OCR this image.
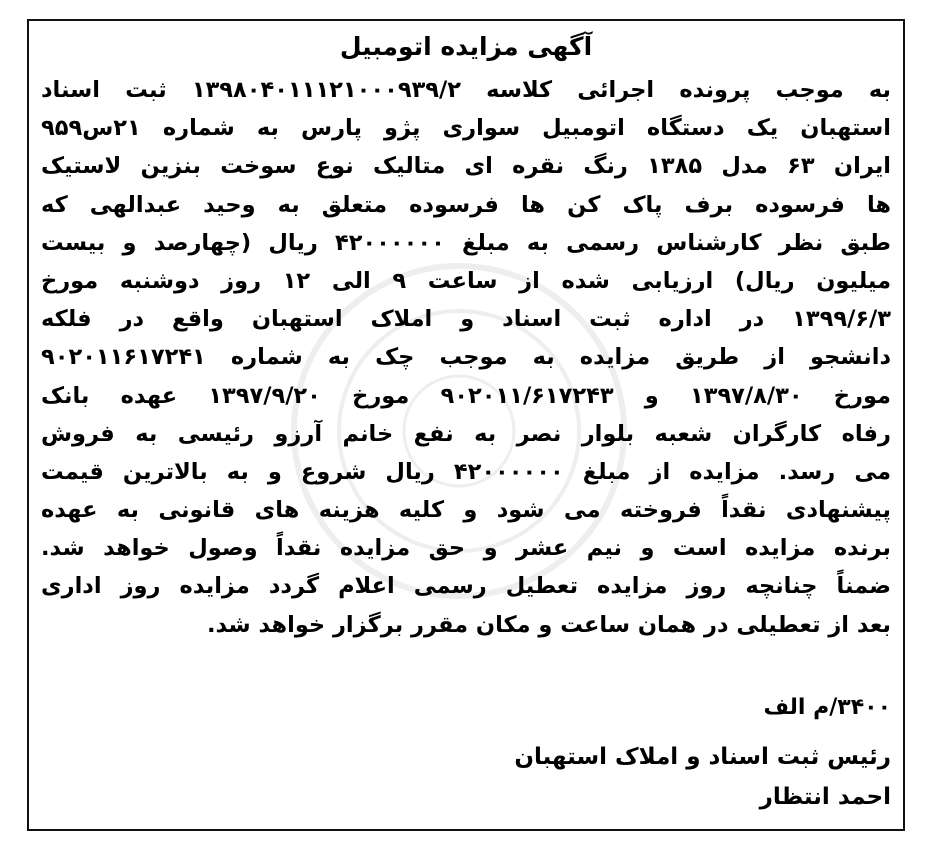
آگهی مزایده اتومبیل
به موجب پرونده اجرائی کلاسه ۱۳۹۸۰۴۰۱۱۱۲۱۰۰۰۹۳۹/۲ ثبت اسناد
استهبان یک دستگاه اتومبیل سواری پژو پارس به شماره ۲۱س۹۵۹
ایران ۶۳ مدل ۱۳۸۵ رنگ نقره ای متالیک نوع سوخت بنزین لاستیک
ها فرسوده برف پاک کن ها فرسوده متعلق به وحید عبدالهی که
طبق نظر کارشناس رسمی به مبلغ ۴۲۰۰۰۰۰۰ ریال (چهارصد و بیست
میلیون ریال) ارزیابی شده از ساعت ۹ الی ۱۲ روز دوشنبه مورخ
۱۳۹۹/۶/۳ در اداره ثبت اسناد و املاک استهبان واقع در فلکه
دانشجو از طریق مزایده به موجب چک به شماره ۹۰۲۰۱۱۶۱۷۲۴۱
مورخ ۱۳۹۷/۸/۳۰ و ۹۰۲۰۱۱/۶۱۷۲۴۳ مورخ ۱۳۹۷/۹/۲۰ عهده بانک
رفاه کارگران شعبه بلوار نصر به نفع خانم آرزو رئیسی به فروش
می رسد. مزایده از مبلغ ۴۲۰۰۰۰۰۰ ریال شروع و به بالاترین قیمت
پیشنهادی نقداً فروخته می شود و کلیه هزینه های قانونی به عهده
برنده مزایده است و نیم عشر و حق مزایده نقداً وصول خواهد شد.
ضمناً چنانچه روز مزایده تعطیل رسمی اعلام گردد مزایده روز اداری
بعد از تعطیلی در همان ساعت و مکان مقرر برگزار خواهد شد.
۳۴۰۰/م الف
رئیس ثبت اسناد و املاک استهبان
احمد انتظار
